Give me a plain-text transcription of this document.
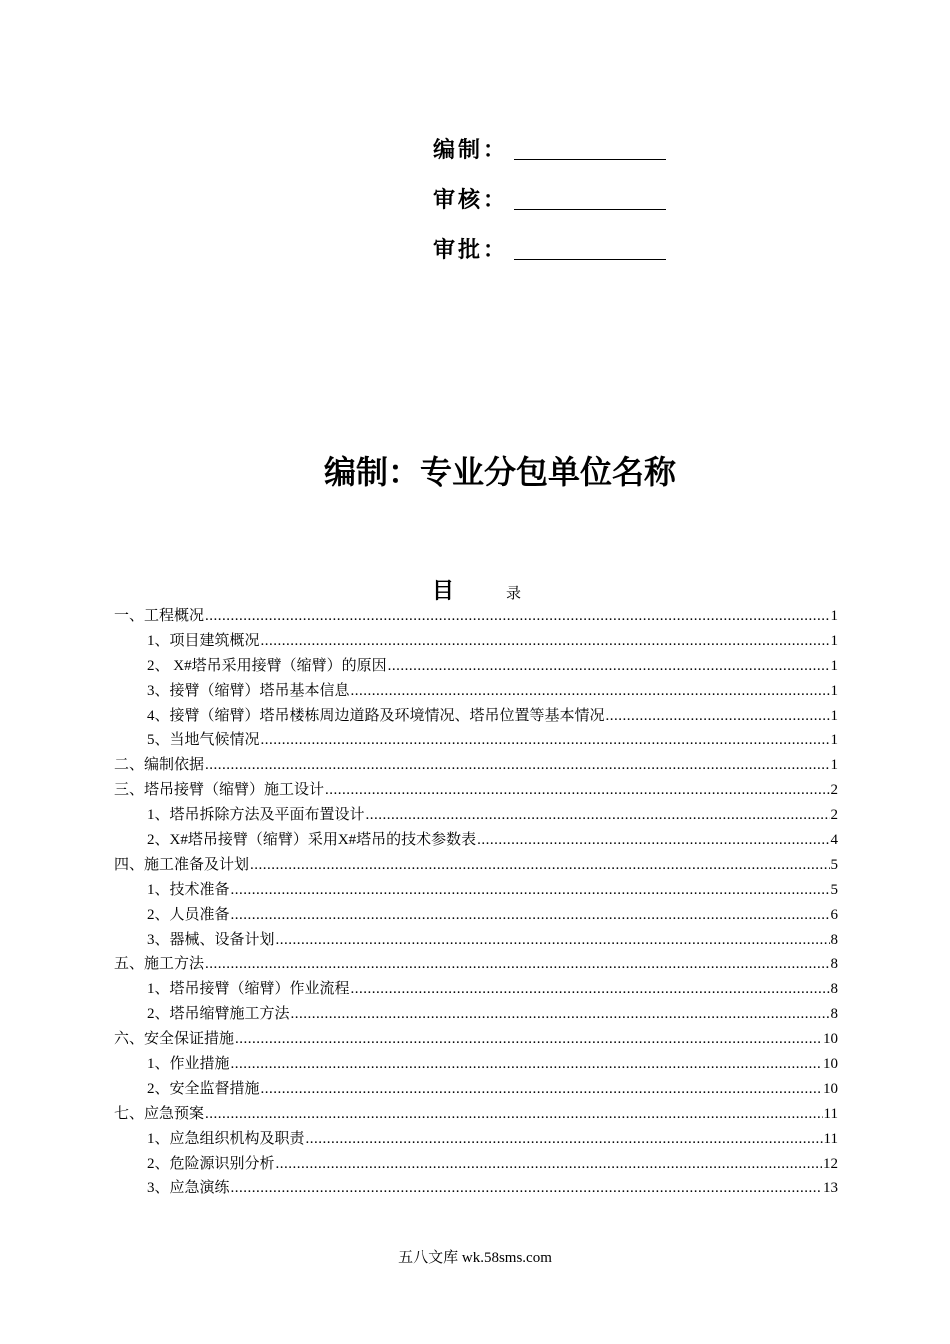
编制：
审核：
审批：
编制：专业分包单位名称
目	录
一、工程概况 .....	1
1、项目建筑概况 .....	1
2、 X#塔吊采用接臂（缩臂）的原因 .....	1
3、接臂（缩臂）塔吊基本信息 .....	1
4、接臂（缩臂）塔吊楼栋周边道路及环境情况、塔吊位置等基本情况 .....	1
5、当地气候情况 .....	1
二、编制依据 .....	1
三、塔吊接臂（缩臂）施工设计 .....	2
1、塔吊拆除方法及平面布置设计 .....	2
2、X#塔吊接臂（缩臂）采用X#塔吊的技术参数表 .....	4
四、施工准备及计划 .....	5
1、技术准备 .....	5
2、人员准备 .....	6
3、器械、设备计划 .....	8
五、施工方法 .....	8
1、塔吊接臂（缩臂）作业流程 .....	8
2、塔吊缩臂施工方法 .....	8
六、安全保证措施 .....	10
1、作业措施 .....	10
2、安全监督措施 .....	10
七、应急预案 .....	11
1、应急组织机构及职责 .....	11
2、危险源识别分析 .....	12
3、应急演练 .....	13
五八文库 wk.58sms.com
